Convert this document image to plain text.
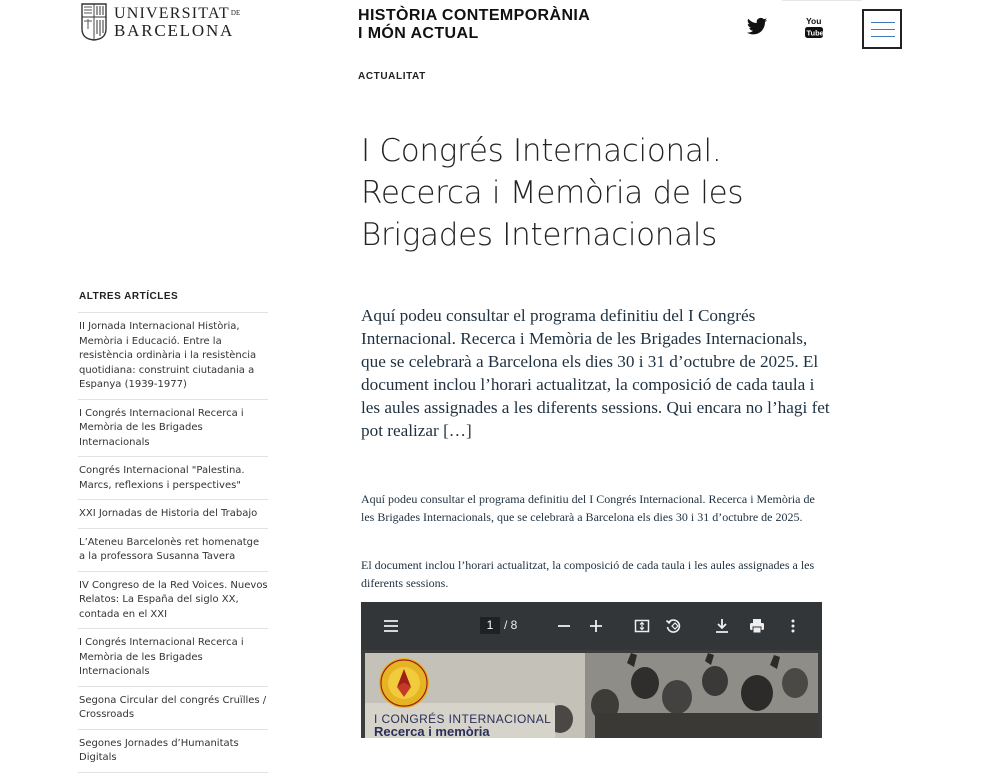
UNIVERSITATDE
BARCELONA
HISTÒRIA CONTEMPORÀNIA
I MÓN ACTUAL
You
Tube
ACTUALITAT
I Congrés Internacional.
Recerca i Memòria de les
Brigades Internacionals

Aquí podeu consultar el programa definitiu del I Congrés Internacional. Recerca i Memòria de les Brigades Internacionals, que se celebrarà a Barcelona els dies 30 i 31 d’octubre de 2025. El document inclou l’horari actualitzat, la composició de cada taula i les aules assignades a les diferents sessions. Qui encara no l’hagi fet pot realizar […]

Aquí podeu consultar el programa definitiu del I Congrés Internacional. Recerca i Memòria de les Brigades Internacionals, que se celebrarà a Barcelona els dies 30 i 31 d’octubre de 2025.

El document inclou l’horari actualitzat, la composició de cada taula i les aules assignades a les diferents sessions.

1 / 8
I CONGRÉS INTERNACIONAL
Recerca i memòria
ALTRES ARTÍCLES
II Jornada Internacional Història, Memòria i Educació. Entre la resistència ordinària i la resistència quotidiana: construint ciutadania a Espanya (1939-1977)
I Congrés Internacional Recerca i Memòria de les Brigades Internacionals
Congrés Internacional "Palestina. Marcs, reflexions i perspectives"
XXI Jornadas de Historia del Trabajo
L’Ateneu Barcelonès ret homenatge a la professora Susanna Tavera
IV Congreso de la Red Voices. Nuevos Relatos: La España del siglo XX, contada en el XXI
I Congrés Internacional Recerca i Memòria de les Brigades Internacionals
Segona Circular del congrés Cruïlles / Crossroads
Segones Jornades d’Humanitats Digitals
